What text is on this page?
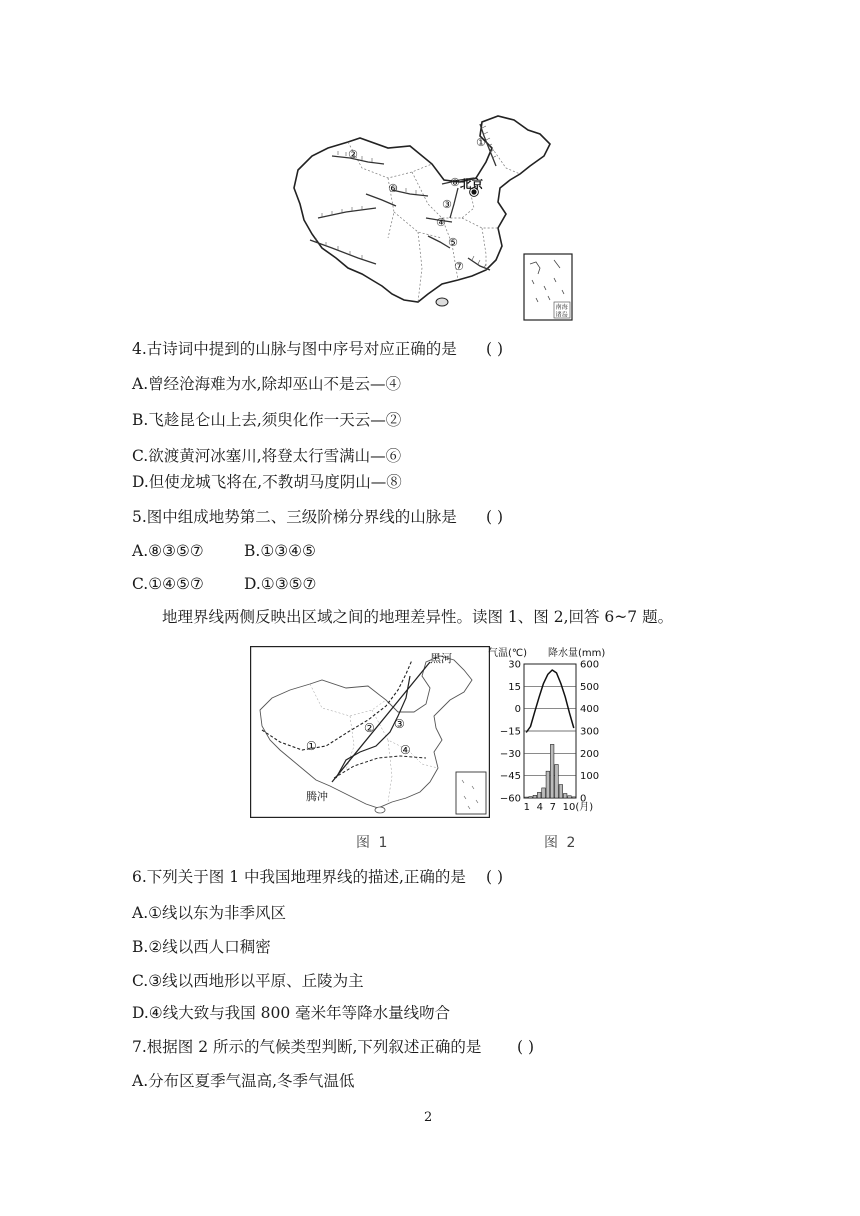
①
②
③
④
⑤
⑥
⑦
⑧ 北京
南海
诸岛
4.古诗词中提到的山脉与图中序号对应正确的是 ( )
A.曾经沧海难为水,除却巫山不是云—④
B.飞趁昆仑山上去,须臾化作一天云—②
C.欲渡黄河冰塞川,将登太行雪满山—⑥
D.但使龙城飞将在,不教胡马度阴山—⑧
5.图中组成地势第二、三级阶梯分界线的山脉是 ( )
A.⑧③⑤⑦	B.①③④⑤
C.①④⑤⑦	D.①③⑤⑦
地理界线两侧反映出区域之间的地理差异性。读图 1、图 2,回答 6~7 题。
黑河
腾冲
①
② ③
④
气温(℃) 降水量(mm)
30	600
15	500
0	400
−15	300
−30	200
−45	100
−60	0
1 4 7 10(月)
图 1	图 2
6.下列关于图 1 中我国地理界线的描述,正确的是 ( )
A.①线以东为非季风区
B.②线以西人口稠密
C.③线以西地形以平原、丘陵为主
D.④线大致与我国 800 毫米年等降水量线吻合
7.根据图 2 所示的气候类型判断,下列叙述正确的是 ( )
A.分布区夏季气温高,冬季气温低
2
